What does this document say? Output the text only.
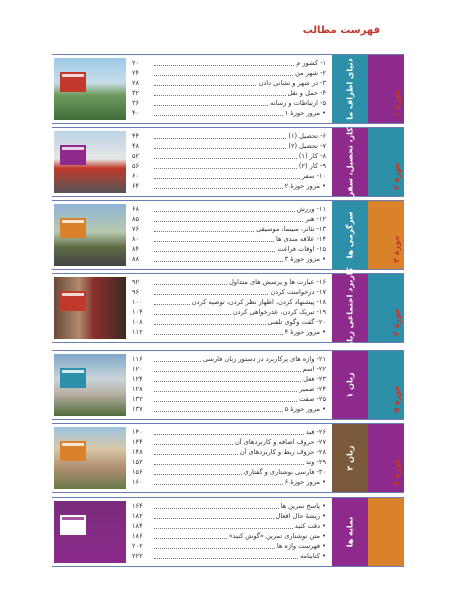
فهرست مطالب
حوزۀ ۱
دنیای اطراف ما
۱- کشور م
۲۰
۲- شهر من
۲۴
۳- در شهر و نشانی دادن
۲۸
۴- حمل و نقل
۳۲
۵- ارتباطات و رسانه
۳۶
• مرور حوزۀ ۱
۴۰
حوزۀ ۲
کار، تحصیل، سفر
۶- تحصیل (۱)
۴۴
۷- تحصیل (۲)
۴۸
۸- کار (۱)
۵۲
۹- کار (۲)
۵۶
۱۰- سفر
۶۰
• مرور حوزۀ ۲
۶۴
حوزۀ ۳
سرگرمی ها
۱۱- ورزش
۶۸
۱۲- هنر
۸۵
۱۳- تئاتر، سینما، موسیقی
۷۶
۱۴- علاقه مندی ها
۸۰
۱۵- اوقات فراغت
۸۴
• مرور حوزۀ ۳
۸۸
حوزۀ ۴
کاربرد اجتماعی زبان
۱۶- عبارت ها و پرسش های متداول
۹۲
۱۷- درخواست کردن
۹۶
۱۸- پیشنهاد کردن، اظهار نظر کردن، توصیه کردن
۱۰۰
۱۹- تبریک کردن، عذرخواهی کردن
۱۰۴
۲۰- گفت وگوی تلفنی
۱۰۸
• مرور حوزۀ ۴
۱۱۲
حوزۀ ۵
زبان ۱
۲۱- واژه های پرکاربرد در دستور زبان فارسی
۱۱۶
۲۲- اسم
۱۲۰
۲۳- فعل
۱۲۴
۲۴- ضمیر
۱۲۸
۲۵- صفت
۱۳۲
• مرور حوزۀ ۵
۱۳۷
حوزۀ ۶
زبان ۲
۲۶- قید
۱۴۰
۲۷- حروف اضافه و کاربردهای آن
۱۴۴
۲۸- حروف ربط و کاربردهای آن
۱۴۸
۲۹- وند
۱۵۲
۳۰- فارسی نوشتاری و گفتاری
۱۵۶
• مرور حوزۀ ۶
۱۶۰
نمایه ها
• پاسخ تمرین ها
۱۶۴
• ریشۀ حال افعال
۱۸۲
• دقت کنید
۱۸۴
• متن نوشتاری تمرین «گوش کنید»
۱۸۶
• فهرست واژه ها
۲۰۲
• کتابنامه
۲۲۲
